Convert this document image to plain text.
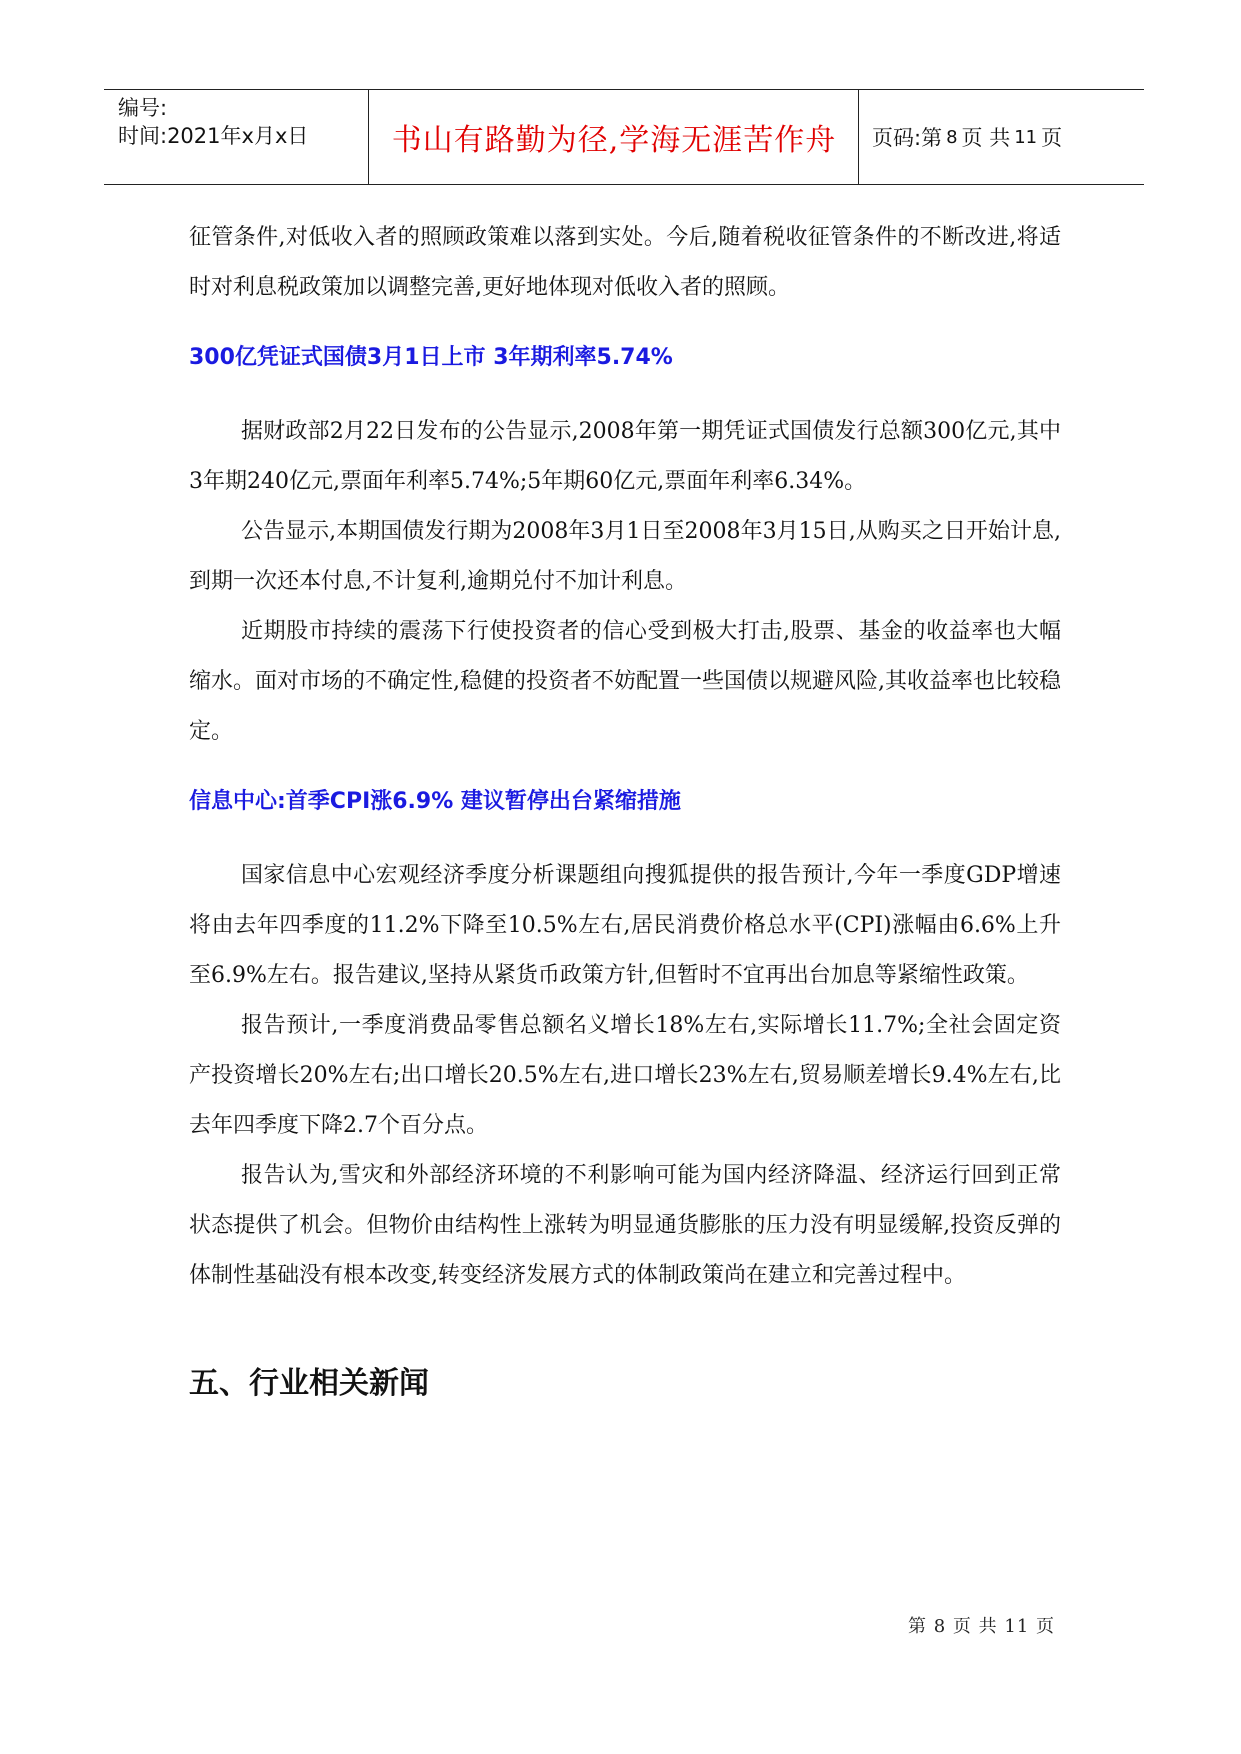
编号:
时间:2021年x月x日	书山有路勤为径,学海无涯苦作舟	页码:第 8 页 共 11 页

征管条件,对低收入者的照顾政策难以落到实处。今后,随着税收征管条件的不断改进,将适时对利息税政策加以调整完善,更好地体现对低收入者的照顾。

300亿凭证式国债3月1日上市 3年期利率5.74%

据财政部2月22日发布的公告显示,2008年第一期凭证式国债发行总额300亿元,其中3年期240亿元,票面年利率5.74%;5年期60亿元,票面年利率6.34%。

公告显示,本期国债发行期为2008年3月1日至2008年3月15日,从购买之日开始计息,到期一次还本付息,不计复利,逾期兑付不加计利息。

近期股市持续的震荡下行使投资者的信心受到极大打击,股票、基金的收益率也大幅缩水。面对市场的不确定性,稳健的投资者不妨配置一些国债以规避风险,其收益率也比较稳定。

信息中心:首季CPI涨6.9% 建议暂停出台紧缩措施

国家信息中心宏观经济季度分析课题组向搜狐提供的报告预计,今年一季度GDP增速将由去年四季度的11.2%下降至10.5%左右,居民消费价格总水平(CPI)涨幅由6.6%上升至6.9%左右。报告建议,坚持从紧货币政策方针,但暂时不宜再出台加息等紧缩性政策。

报告预计,一季度消费品零售总额名义增长18%左右,实际增长11.7%;全社会固定资产投资增长20%左右;出口增长20.5%左右,进口增长23%左右,贸易顺差增长9.4%左右,比去年四季度下降2.7个百分点。

报告认为,雪灾和外部经济环境的不利影响可能为国内经济降温、经济运行回到正常状态提供了机会。但物价由结构性上涨转为明显通货膨胀的压力没有明显缓解,投资反弹的体制性基础没有根本改变,转变经济发展方式的体制政策尚在建立和完善过程中。

五、行业相关新闻
第 8 页 共 11 页
